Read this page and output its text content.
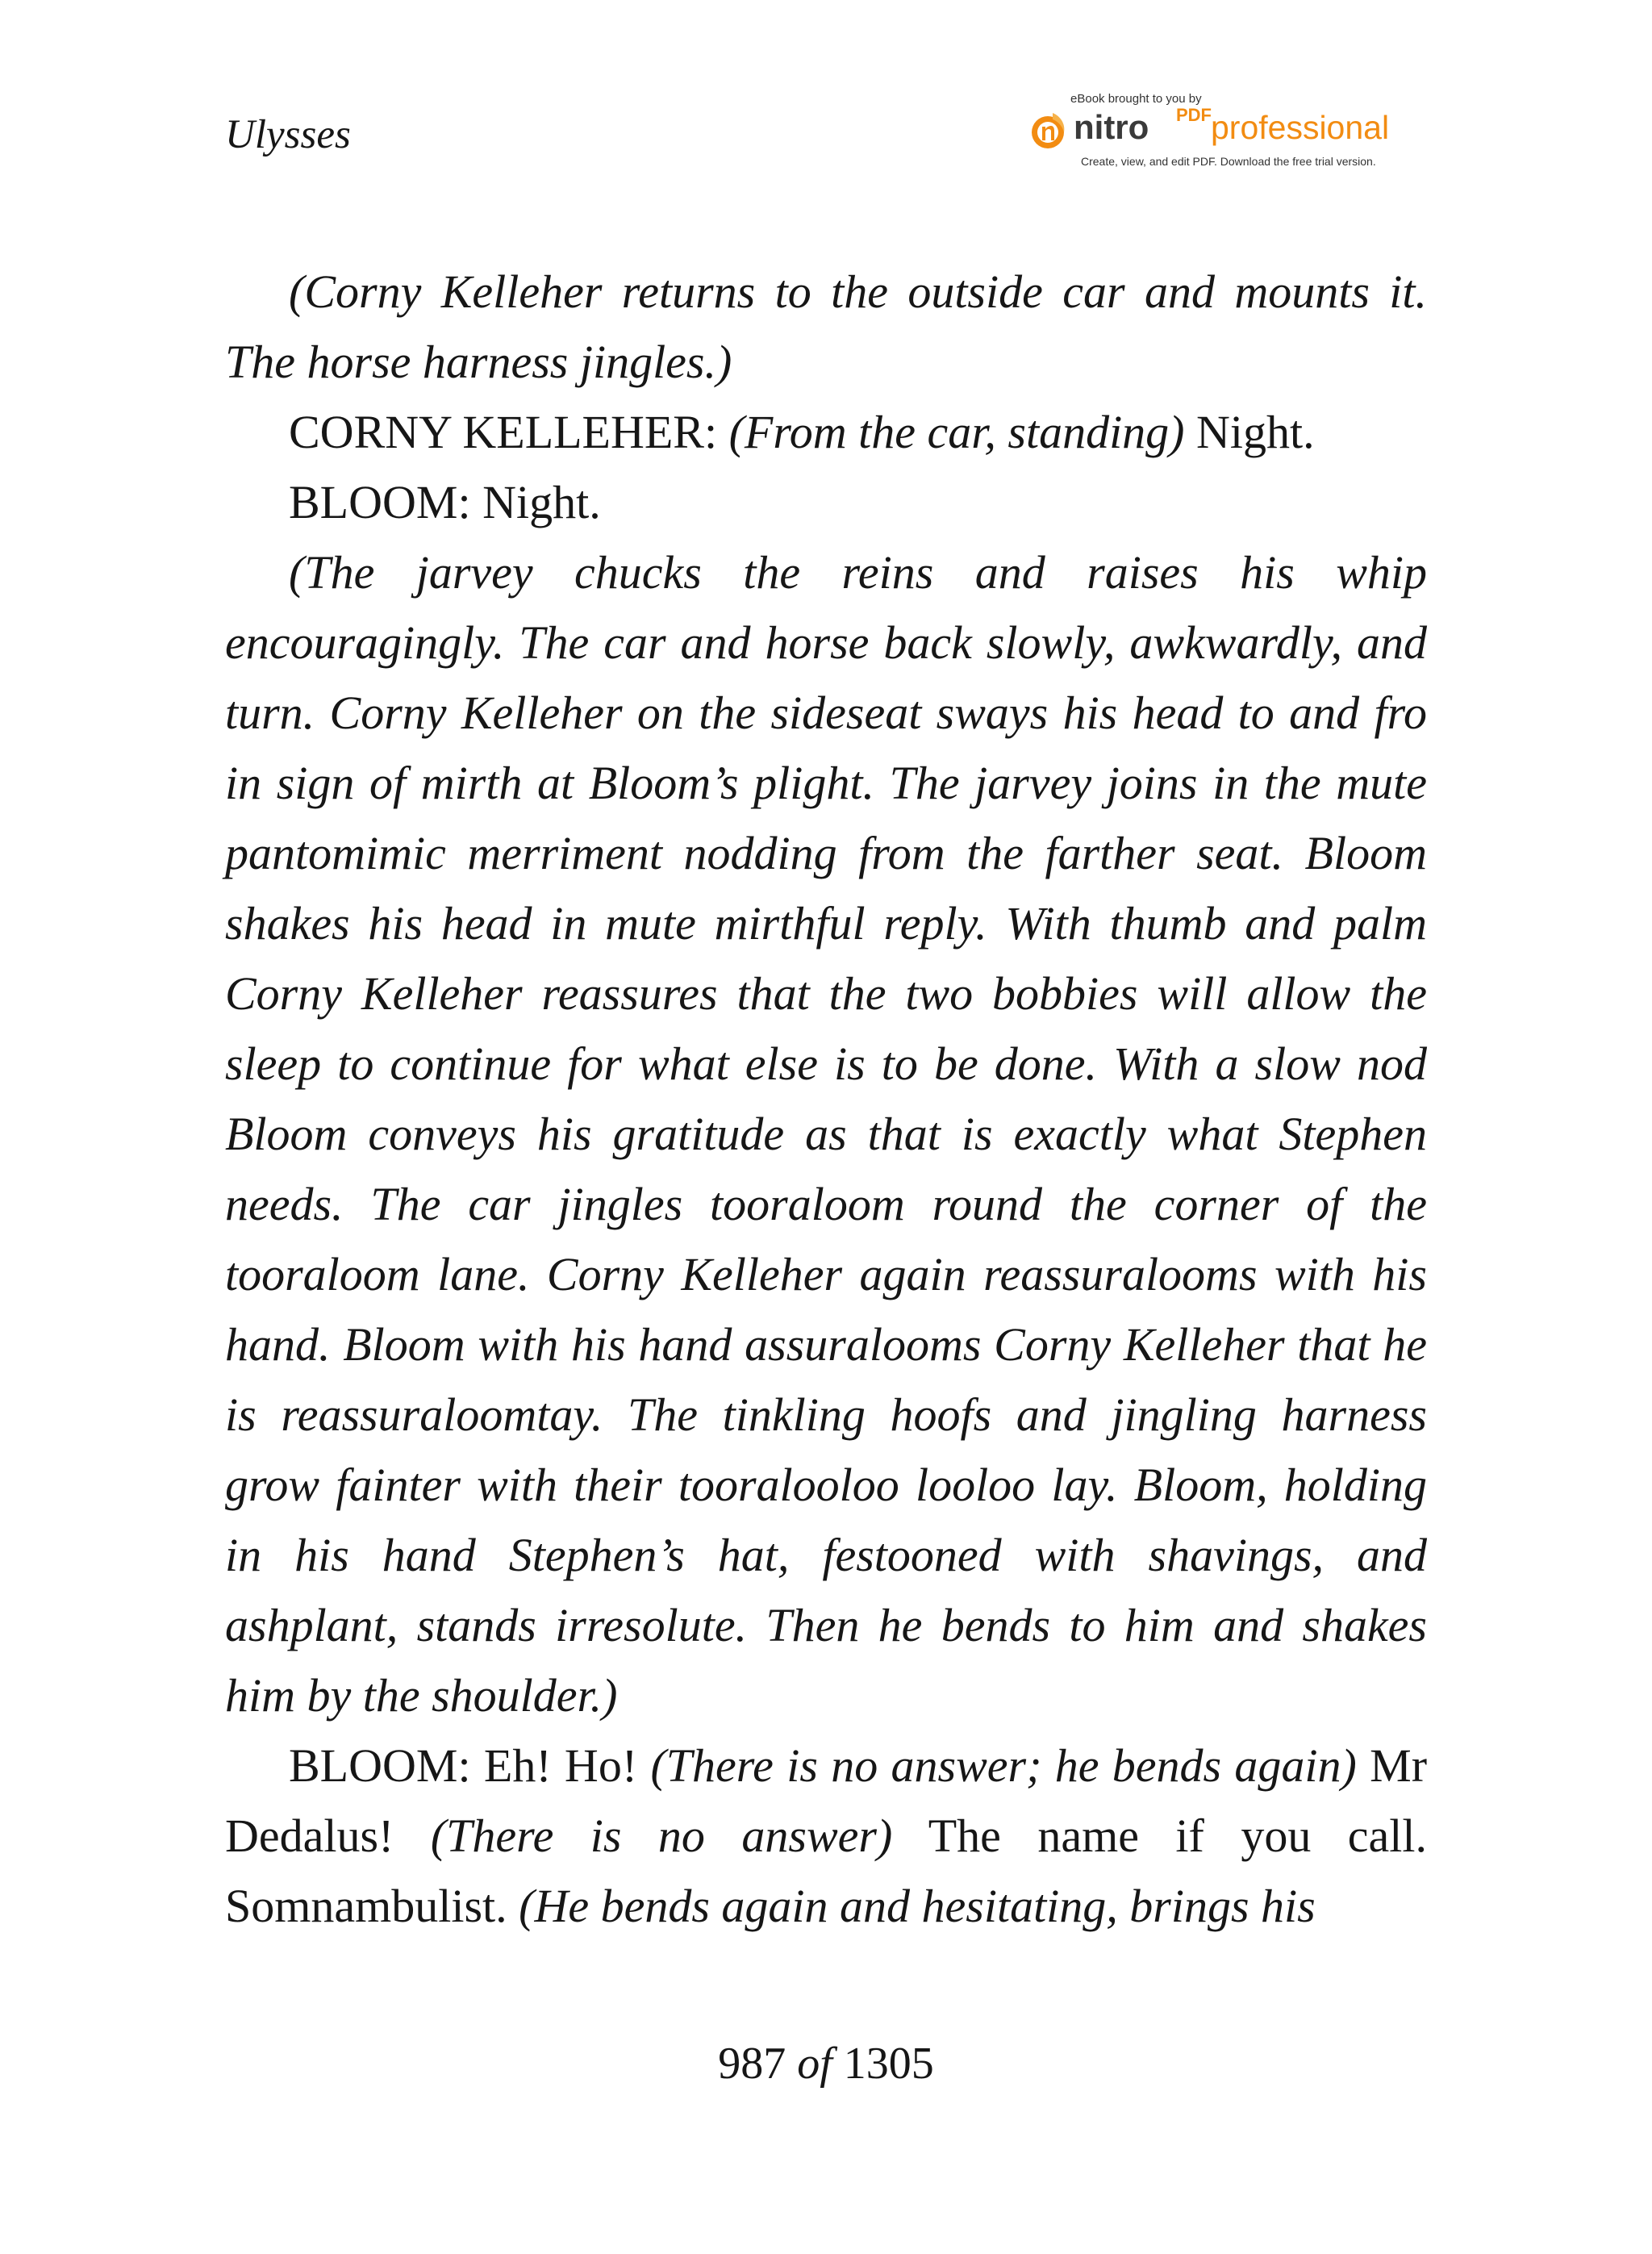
Ulysses

eBook brought to you by
nitro PDF professional
Create, view, and edit PDF. Download the free trial version.

(Corny Kelleher returns to the outside car and mounts it. The horse harness jingles.)

CORNY KELLEHER: (From the car, standing) Night.

BLOOM: Night.

(The jarvey chucks the reins and raises his whip encouragingly. The car and horse back slowly, awkwardly, and turn. Corny Kelleher on the sideseat sways his head to and fro in sign of mirth at Bloom’s plight. The jarvey joins in the mute pantomimic merriment nodding from the farther seat. Bloom shakes his head in mute mirthful reply. With thumb and palm Corny Kelleher reassures that the two bobbies will allow the sleep to continue for what else is to be done. With a slow nod Bloom conveys his gratitude as that is exactly what Stephen needs. The car jingles tooraloom round the corner of the tooraloom lane. Corny Kelleher again reassuralooms with his hand. Bloom with his hand assuralooms Corny Kelleher that he is reassuraloomtay. The tinkling hoofs and jingling harness grow fainter with their tooralooloo looloo lay. Bloom, holding in his hand Stephen’s hat, festooned with shavings, and ashplant, stands irresolute. Then he bends to him and shakes him by the shoulder.)

BLOOM: Eh! Ho! (There is no answer; he bends again) Mr Dedalus! (There is no answer) The name if you call. Somnambulist. (He bends again and hesitating, brings his

987 of 1305
